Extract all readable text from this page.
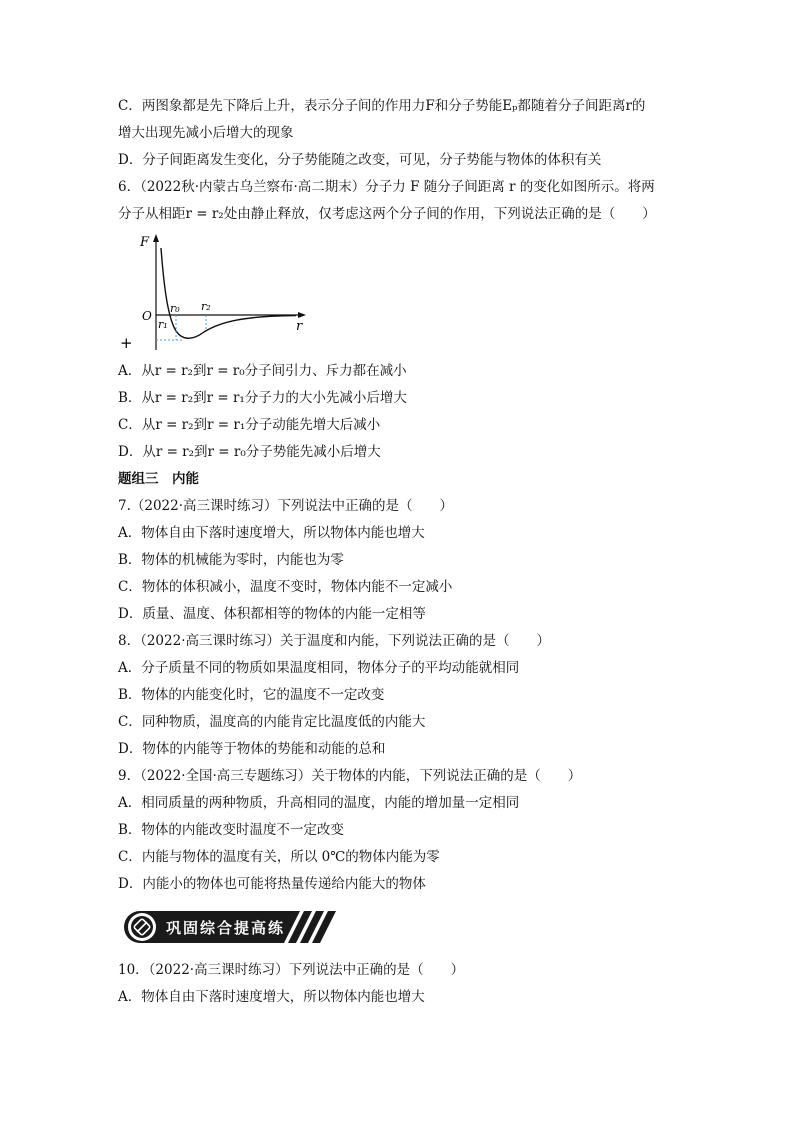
C．两图象都是先下降后上升，表示分子间的作用力F和分子势能Eₚ都随着分子间距离r的
增大出现先减小后增大的现象
D．分子间距离发生变化，分子势能随之改变，可见，分子势能与物体的体积有关
6．（2022秋·内蒙古乌兰察布·高二期末）分子力 F 随分子间距离 r 的变化如图所示。将两
分子从相距r = r₂处由静止释放，仅考虑这两个分子间的作用，下列说法正确的是（　　）
F
r
O
r₀
r₁
r₂
+
A．从r = r₂到r = r₀分子间引力、斥力都在减小
B．从r = r₂到r = r₁分子力的大小先减小后增大
C．从r = r₂到r = r₁分子动能先增大后减小
D．从r = r₂到r = r₀分子势能先减小后增大
题组三　内能
7.（2022·高三课时练习）下列说法中正确的是（　　）
A．物体自由下落时速度增大，所以物体内能也增大
B．物体的机械能为零时，内能也为零
C．物体的体积减小，温度不变时，物体内能不一定减小
D．质量、温度、体积都相等的物体的内能一定相等
8．（2022·高三课时练习）关于温度和内能，下列说法正确的是（　　）
A．分子质量不同的物质如果温度相同，物体分子的平均动能就相同
B．物体的内能变化时，它的温度不一定改变
C．同种物质，温度高的内能肯定比温度低的内能大
D．物体的内能等于物体的势能和动能的总和
9．（2022·全国·高三专题练习）关于物体的内能，下列说法正确的是（　　）
A．相同质量的两种物质，升高相同的温度，内能的增加量一定相同
B．物体的内能改变时温度不一定改变
C．内能与物体的温度有关，所以 0℃的物体内能为零
D．内能小的物体也可能将热量传递给内能大的物体
巩固综合提高练
10．（2022·高三课时练习）下列说法中正确的是（　　）
A．物体自由下落时速度增大，所以物体内能也增大
